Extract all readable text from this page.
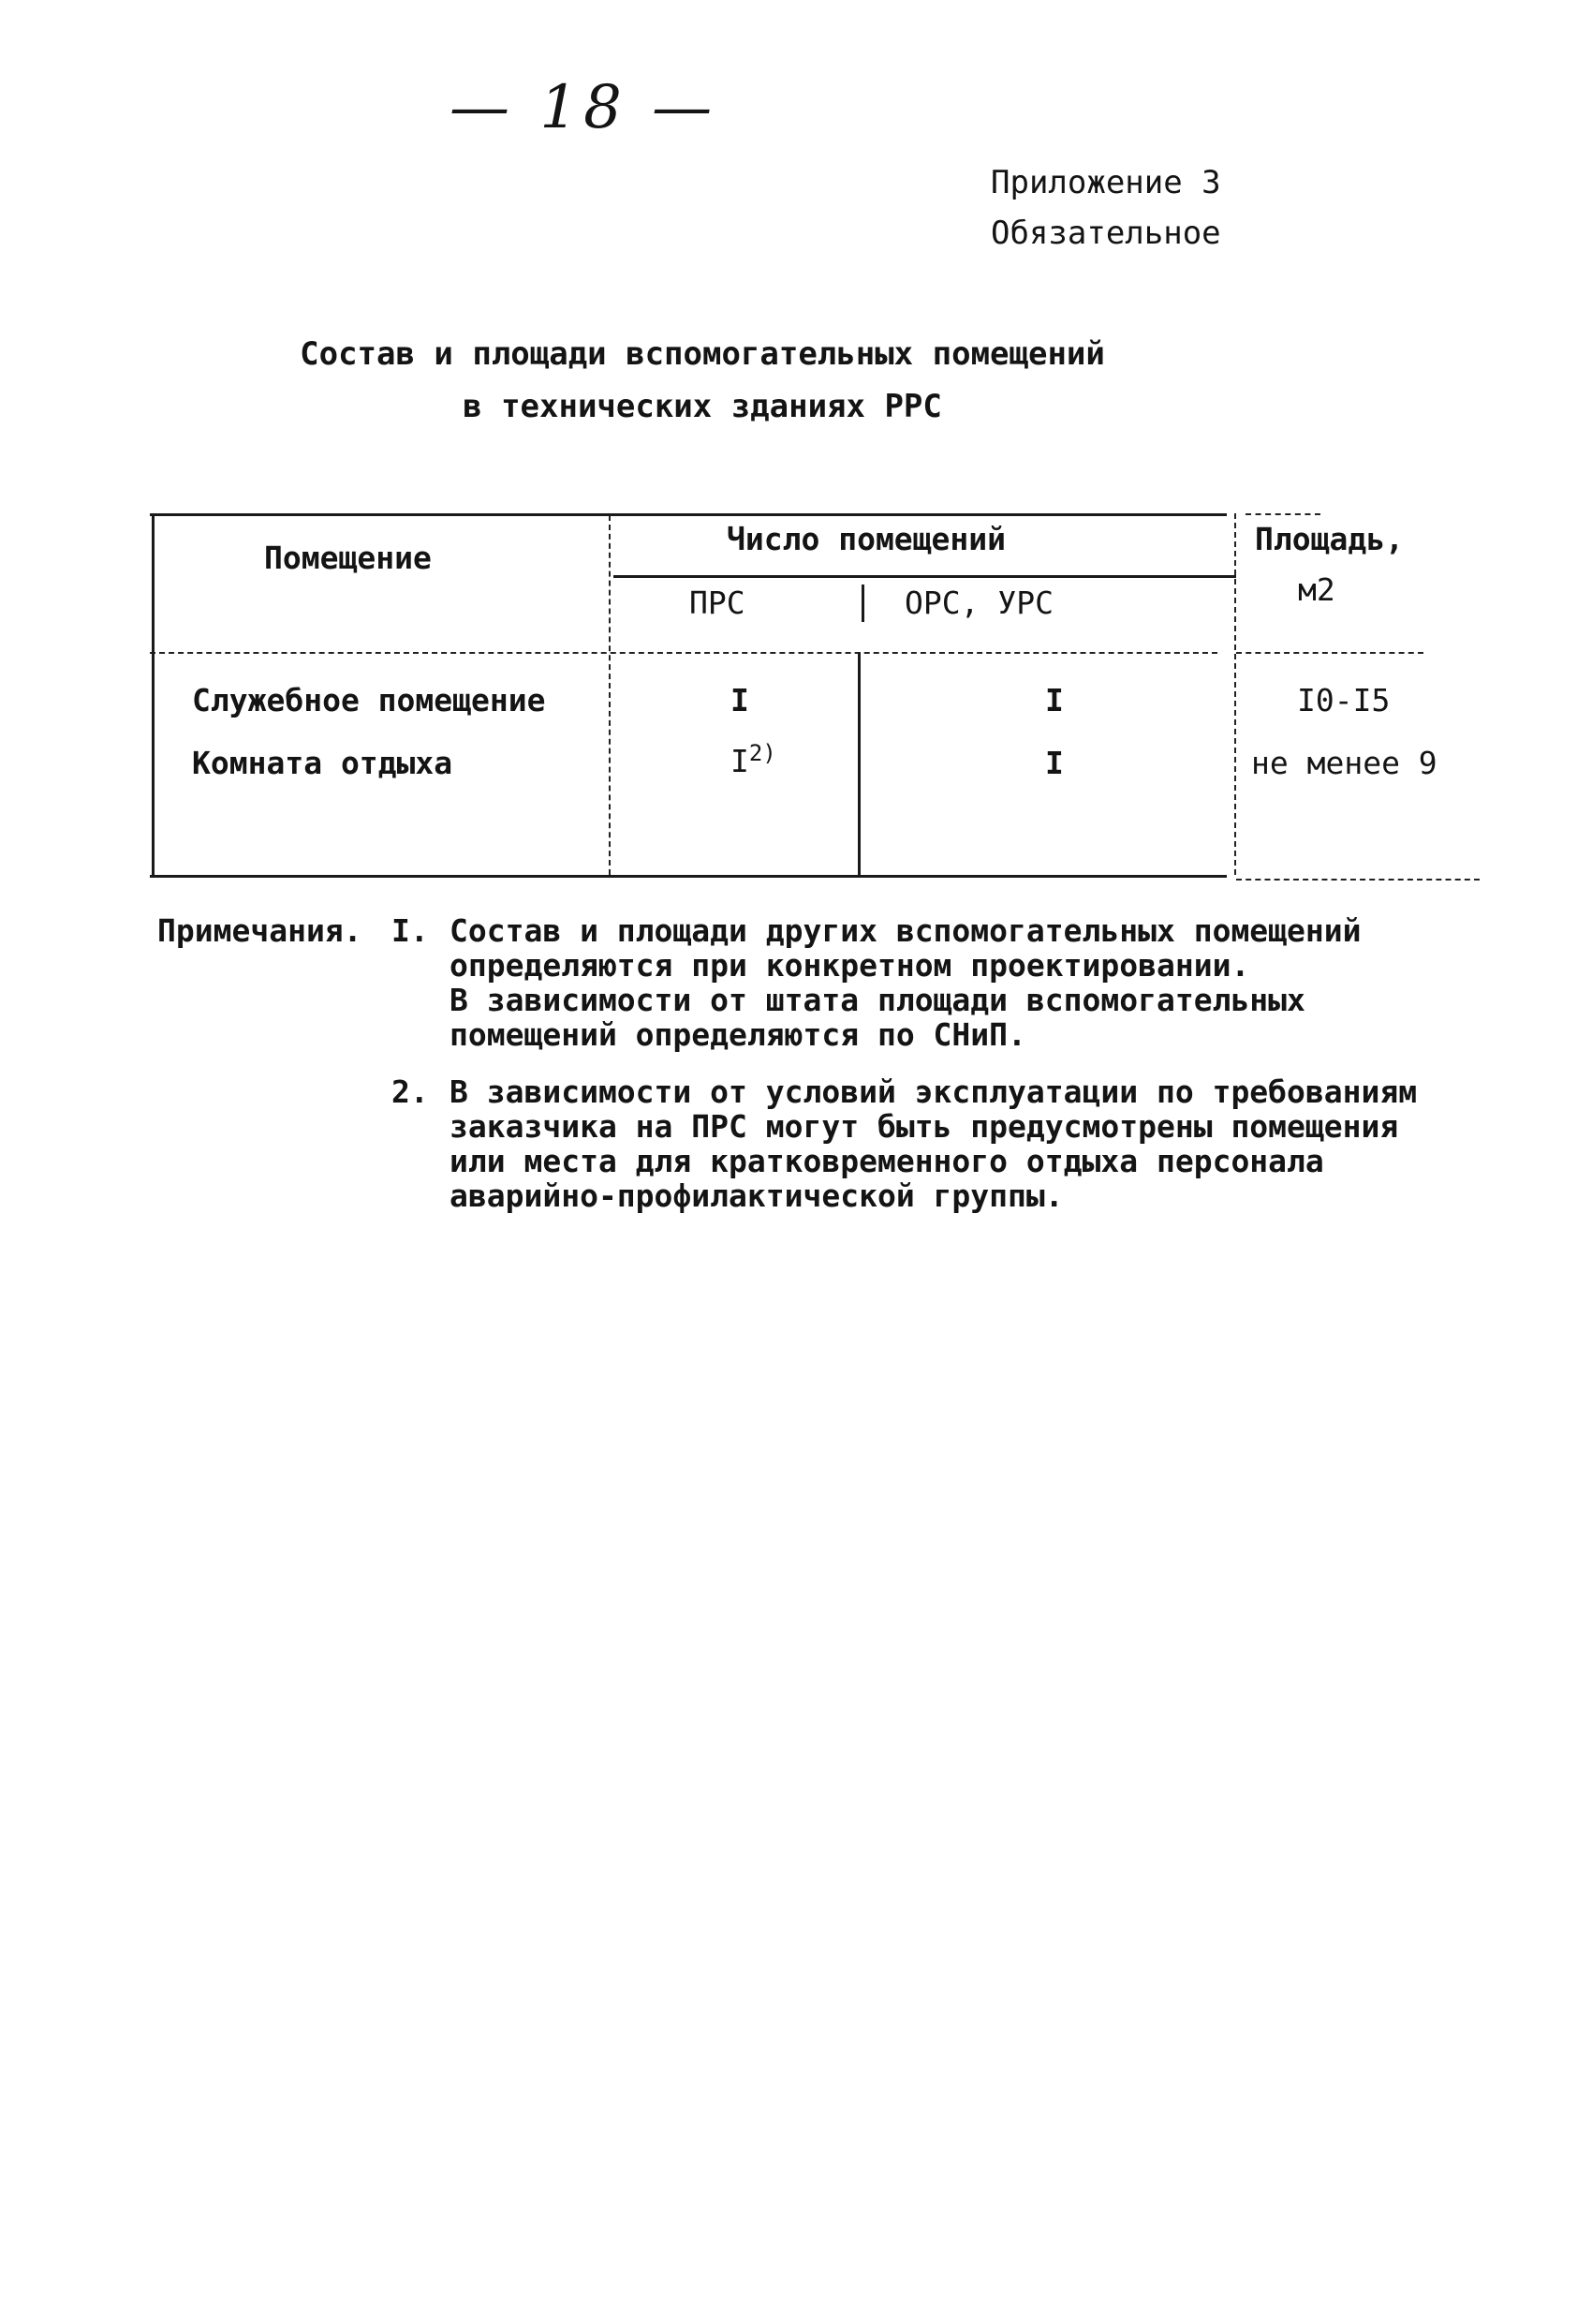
— 18 —
Приложение 3
Обязательное
Состав и площади вспомогательных помещений
в технических зданиях РРС
Помещение
Число помещений
ПРС	ОРС, УРС
Площадь,
м2
Служебное помещение	I	I	I0-I5
Комната отдыха	$I^{2)}$	I	не менее 9
Примечания. I. Состав и площади других вспомогательных помещений
определяются при конкретном проектировании.
В зависимости от штата площади вспомогательных
помещений определяются по СНиП.
2. В зависимости от условий эксплуатации по требованиям
заказчика на ПРС могут быть предусмотрены помещения
или места для кратковременного отдыха персонала
аварийно-профилактической группы.
